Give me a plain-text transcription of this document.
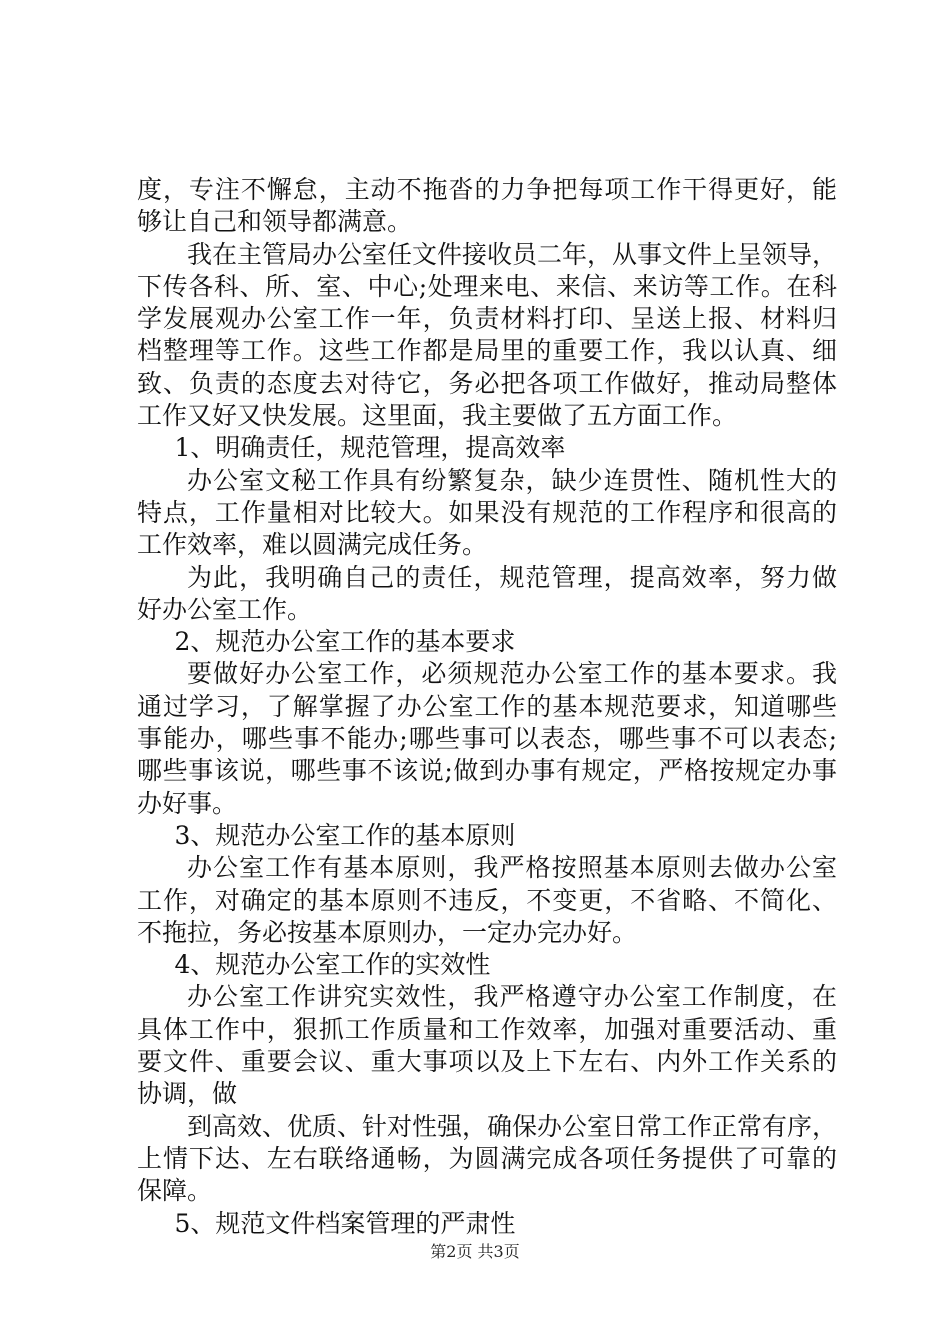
度，专注不懈怠，主动不拖沓的力争把每项工作干得更好，能
够让自己和领导都满意。
我在主管局办公室任文件接收员二年，从事文件上呈领导，
下传各科、所、室、中心;处理来电、来信、来访等工作。在科
学发展观办公室工作一年，负责材料打印、呈送上报、材料归
档整理等工作。这些工作都是局里的重要工作，我以认真、细
致、负责的态度去对待它，务必把各项工作做好，推动局整体
工作又好又快发展。这里面，我主要做了五方面工作。
1、明确责任，规范管理，提高效率
办公室文秘工作具有纷繁复杂，缺少连贯性、随机性大的
特点，工作量相对比较大。如果没有规范的工作程序和很高的
工作效率，难以圆满完成任务。
为此，我明确自己的责任，规范管理，提高效率，努力做
好办公室工作。
2、规范办公室工作的基本要求
要做好办公室工作，必须规范办公室工作的基本要求。我
通过学习，了解掌握了办公室工作的基本规范要求，知道哪些
事能办，哪些事不能办;哪些事可以表态，哪些事不可以表态;
哪些事该说，哪些事不该说;做到办事有规定，严格按规定办事
办好事。
3、规范办公室工作的基本原则
办公室工作有基本原则，我严格按照基本原则去做办公室
工作，对确定的基本原则不违反，不变更，不省略、不简化、
不拖拉，务必按基本原则办，一定办完办好。
4、规范办公室工作的实效性
办公室工作讲究实效性，我严格遵守办公室工作制度，在
具体工作中，狠抓工作质量和工作效率，加强对重要活动、重
要文件、重要会议、重大事项以及上下左右、内外工作关系的
协调，做
到高效、优质、针对性强，确保办公室日常工作正常有序，
上情下达、左右联络通畅，为圆满完成各项任务提供了可靠的
保障。
5、规范文件档案管理的严肃性
第2页 共3页
